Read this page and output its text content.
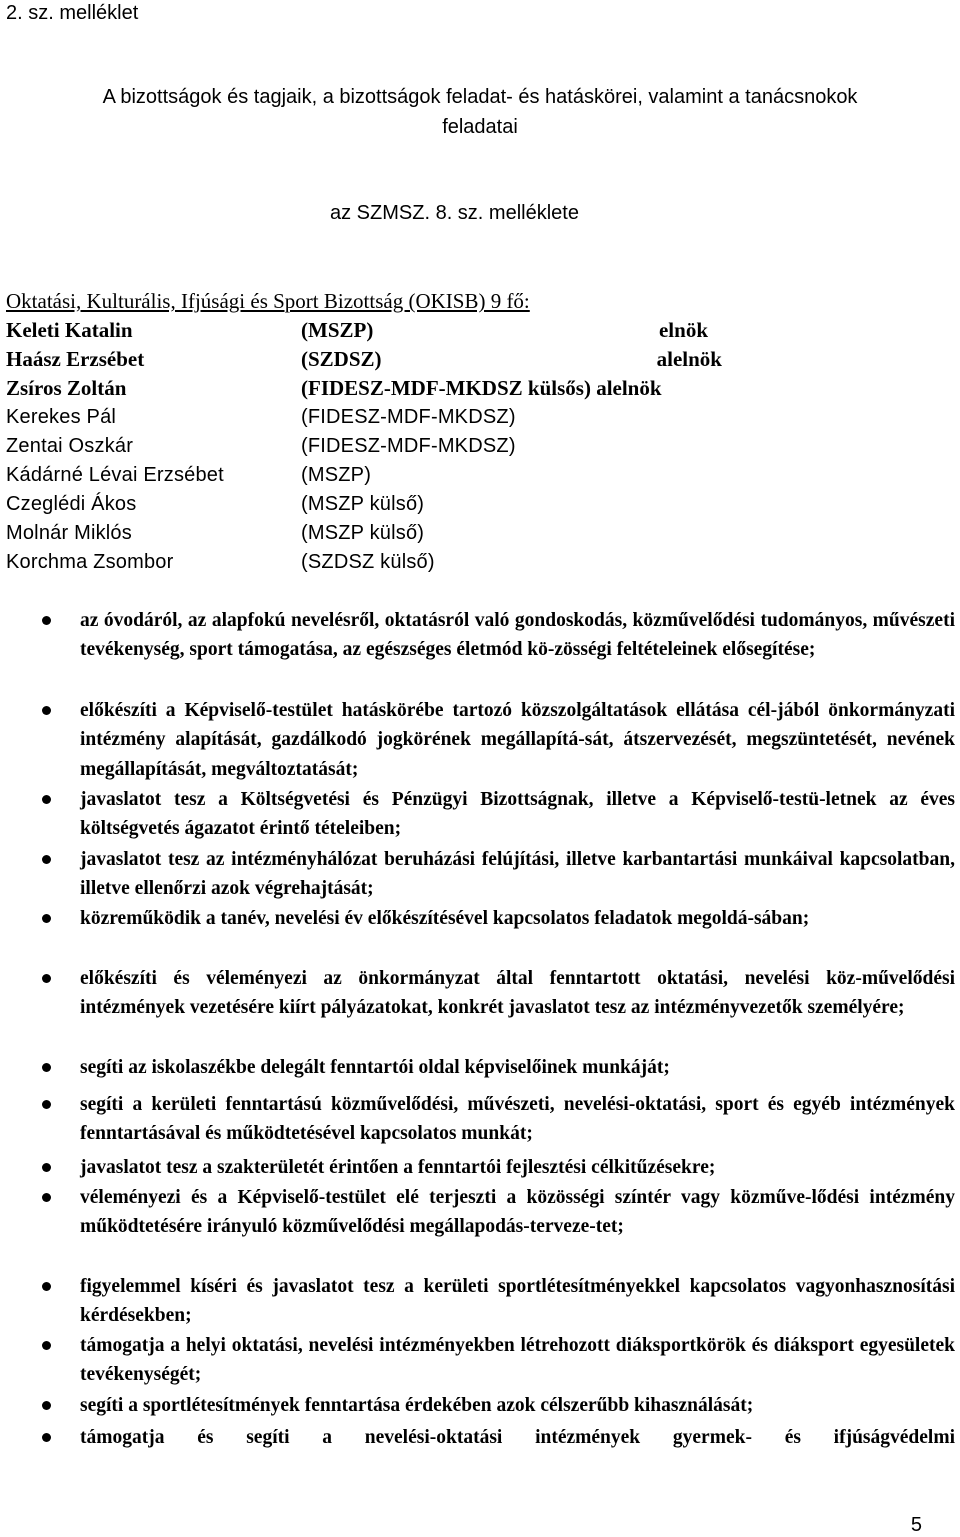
2. sz. melléklet
A bizottságok és tagjaik, a bizottságok feladat- és hatáskörei, valamint a tanácsnokok
feladatai
az SZMSZ. 8. sz. melléklete
Oktatási, Kulturális, Ifjúsági és Sport Bizottság (OKISB) 9 fő:
Keleti Katalin	(MSZP)	elnök
Haász Erzsébet	(SZDSZ)	alelnök
Zsíros Zoltán	(FIDESZ-MDF-MKDSZ külsős) alelnök
Kerekes Pál	(FIDESZ-MDF-MKDSZ)
Zentai Oszkár	(FIDESZ-MDF-MKDSZ)
Kádárné Lévai Erzsébet	(MSZP)
Czeglédi Ákos	(MSZP külső)
Molnár Miklós	(MSZP külső)
Korchma Zsombor	(SZDSZ külső)
az óvodáról, az alapfokú nevelésről, oktatásról való gondoskodás, közművelődési tudományos, művészeti tevékenység, sport támogatása, az egészséges életmód kö-zösségi feltételeinek elősegítése;
előkészíti a Képviselő-testület hatáskörébe tartozó közszolgáltatások ellátása cél-jából önkormányzati intézmény alapítását, gazdálkodó jogkörének megállapítá-sát, átszervezését, megszüntetését, nevének megállapítását, megváltoztatását;
javaslatot tesz a Költségvetési és Pénzügyi Bizottságnak, illetve a Képviselő-testü-letnek az éves költségvetés ágazatot érintő tételeiben;
javaslatot tesz az intézményhálózat beruházási felújítási, illetve karbantartási munkáival kapcsolatban, illetve ellenőrzi azok végrehajtását;
közreműködik a tanév, nevelési év előkészítésével kapcsolatos feladatok megoldá-sában;
előkészíti és véleményezi az önkormányzat által fenntartott oktatási, nevelési köz-művelődési intézmények vezetésére kiírt pályázatokat, konkrét javaslatot tesz az intézményvezetők személyére;
segíti az iskolaszékbe delegált fenntartói oldal képviselőinek munkáját;
segíti a kerületi fenntartású közművelődési, művészeti, nevelési-oktatási, sport és egyéb intézmények fenntartásával és működtetésével kapcsolatos munkát;
javaslatot tesz a szakterületét érintően a fenntartói fejlesztési célkitűzésekre;
véleményezi és a Képviselő-testület elé terjeszti a közösségi színtér vagy közműve-lődési intézmény működtetésére irányuló közművelődési megállapodás-terveze-tet;
figyelemmel kíséri és javaslatot tesz a kerületi sportlétesítményekkel kapcsolatos vagyonhasznosítási kérdésekben;
támogatja a helyi oktatási, nevelési intézményekben létrehozott diáksportkörök és diáksport egyesületek tevékenységét;
segíti a sportlétesítmények fenntartása érdekében azok célszerűbb kihasználását;
támogatja és segíti a nevelési-oktatási intézmények gyermek- és ifjúságvédelmi
5
